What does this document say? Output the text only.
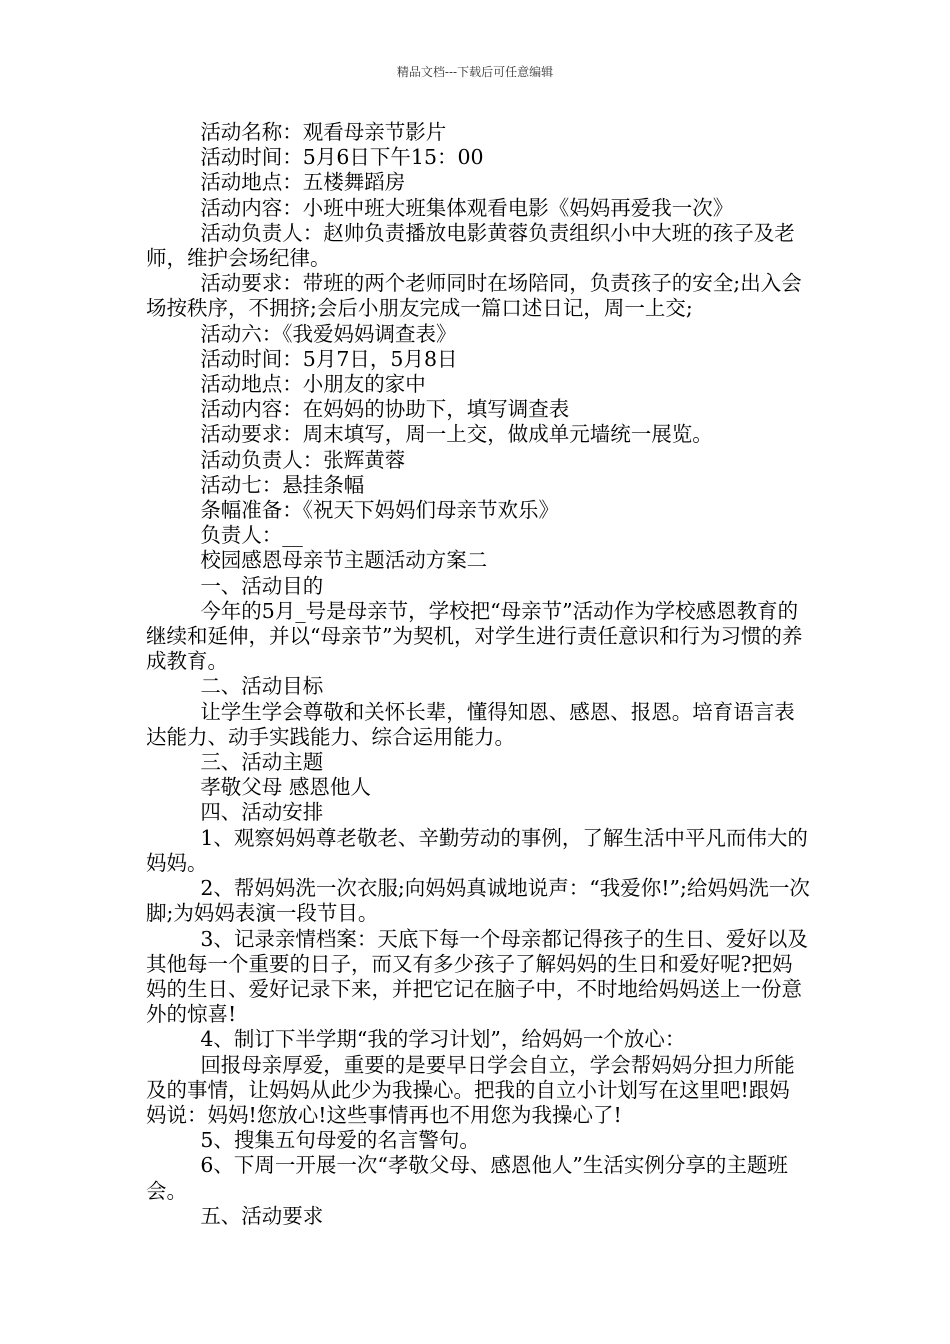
精品文档---下载后可任意编辑

活动名称：观看母亲节影片

活动时间：5月6日下午15：00

活动地点：五楼舞蹈房

活动内容：小班中班大班集体观看电影《妈妈再爱我一次》

活动负责人：赵帅负责播放电影黄蓉负责组织小中大班的孩子及老师，维护会场纪律。

活动要求：带班的两个老师同时在场陪同，负责孩子的安全;出入会场按秩序，不拥挤;会后小朋友完成一篇口述日记，周一上交;

活动六：《我爱妈妈调查表》

活动时间：5月7日，5月8日

活动地点：小朋友的家中

活动内容：在妈妈的协助下，填写调查表

活动要求：周末填写，周一上交，做成单元墙统一展览。

活动负责人：张辉黄蓉

活动七：悬挂条幅

条幅准备：《祝天下妈妈们母亲节欢乐》

负责人：__

校园感恩母亲节主题活动方案二

一、活动目的

今年的5月_号是母亲节，学校把“母亲节”活动作为学校感恩教育的继续和延伸，并以“母亲节”为契机，对学生进行责任意识和行为习惯的养成教育。

二、活动目标

让学生学会尊敬和关怀长辈，懂得知恩、感恩、报恩。培育语言表达能力、动手实践能力、综合运用能力。

三、活动主题

孝敬父母 感恩他人

四、活动安排

1、观察妈妈尊老敬老、辛勤劳动的事例，了解生活中平凡而伟大的妈妈。

2、帮妈妈洗一次衣服;向妈妈真诚地说声：“我爱你!”;给妈妈洗一次脚;为妈妈表演一段节目。

3、记录亲情档案：天底下每一个母亲都记得孩子的生日、爱好以及其他每一个重要的日子，而又有多少孩子了解妈妈的生日和爱好呢?把妈妈的生日、爱好记录下来，并把它记在脑子中，不时地给妈妈送上一份意外的惊喜!

4、制订下半学期“我的学习计划”，给妈妈一个放心：

回报母亲厚爱，重要的是要早日学会自立，学会帮妈妈分担力所能及的事情，让妈妈从此少为我操心。把我的自立小计划写在这里吧!跟妈妈说：妈妈!您放心!这些事情再也不用您为我操心了!

5、搜集五句母爱的名言警句。

6、下周一开展一次“孝敬父母、感恩他人”生活实例分享的主题班会。

五、活动要求
